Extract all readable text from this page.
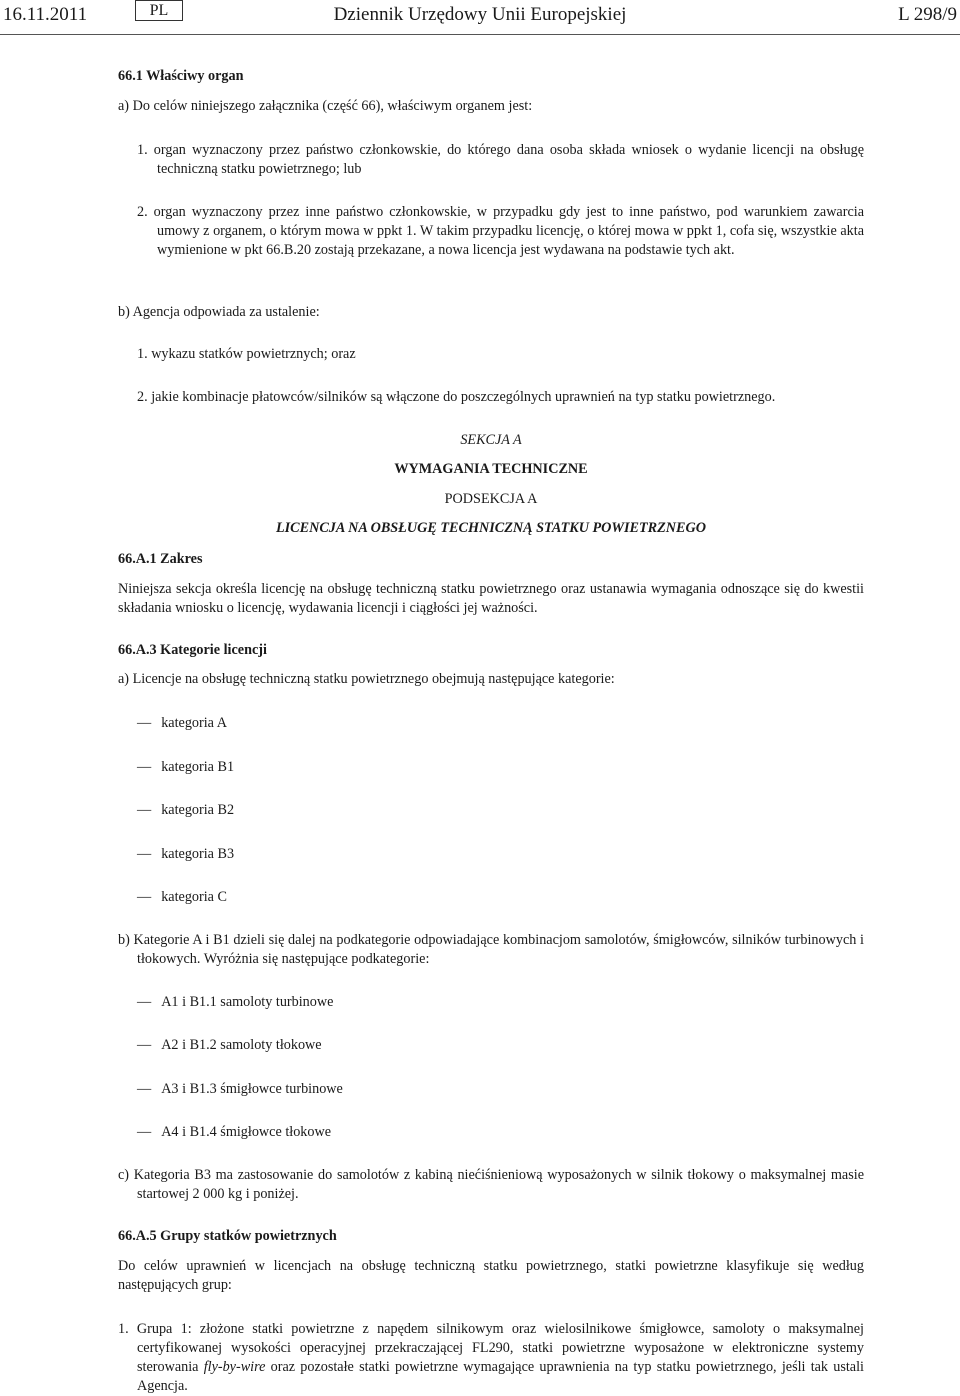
16.11.2011	Dziennik Urzędowy Unii Europejskiej
PL	L 298/9
66.1 Właściwy organ
a) Do celów niniejszego załącznika (część 66), właściwym organem jest:
1. organ wyznaczony przez państwo członkowskie, do którego dana osoba składa wniosek o wydanie licencji na obsługę techniczną statku powietrznego; lub
2. organ wyznaczony przez inne państwo członkowskie, w przypadku gdy jest to inne państwo, pod warunkiem zawarcia umowy z organem, o którym mowa w ppkt 1. W takim przypadku licencję, o której mowa w ppkt 1, cofa się, wszystkie akta wymienione w pkt 66.B.20 zostają przekazane, a nowa licencja jest wydawana na podstawie tych akt.
b) Agencja odpowiada za ustalenie:
1. wykazu statków powietrznych; oraz
2. jakie kombinacje płatowców/silników są włączone do poszczególnych uprawnień na typ statku powietrznego.
SEKCJA A
WYMAGANIA TECHNICZNE
PODSEKCJA A
LICENCJA NA OBSŁUGĘ TECHNICZNĄ STATKU POWIETRZNEGO
66.A.1 Zakres
Niniejsza sekcja określa licencję na obsługę techniczną statku powietrznego oraz ustanawia wymagania odnoszące się do kwestii składania wniosku o licencję, wydawania licencji i ciągłości jej ważności.
66.A.3 Kategorie licencji
a) Licencje na obsługę techniczną statku powietrznego obejmują następujące kategorie:
— kategoria A
— kategoria B1
— kategoria B2
— kategoria B3
— kategoria C
b) Kategorie A i B1 dzieli się dalej na podkategorie odpowiadające kombinacjom samolotów, śmigłowców, silników turbinowych i tłokowych. Wyróżnia się następujące podkategorie:
— A1 i B1.1 samoloty turbinowe
— A2 i B1.2 samoloty tłokowe
— A3 i B1.3 śmigłowce turbinowe
— A4 i B1.4 śmigłowce tłokowe
c) Kategoria B3 ma zastosowanie do samolotów z kabiną niećiśnieniową wyposażonych w silnik tłokowy o maksymalnej masie startowej 2 000 kg i poniżej.
66.A.5 Grupy statków powietrznych
Do celów uprawnień w licencjach na obsługę techniczną statku powietrznego, statki powietrzne klasyfikuje się według następujących grup:
1. Grupa 1: złożone statki powietrzne z napędem silnikowym oraz wielosilnikowe śmigłowce, samoloty o maksymalnej certyfikowanej wysokości operacyjnej przekraczającej FL290, statki powietrzne wyposażone w elektroniczne systemy sterowania fly-by-wire oraz pozostałe statki powietrzne wymagające uprawnienia na typ statku powietrznego, jeśli tak ustali Agencja.
